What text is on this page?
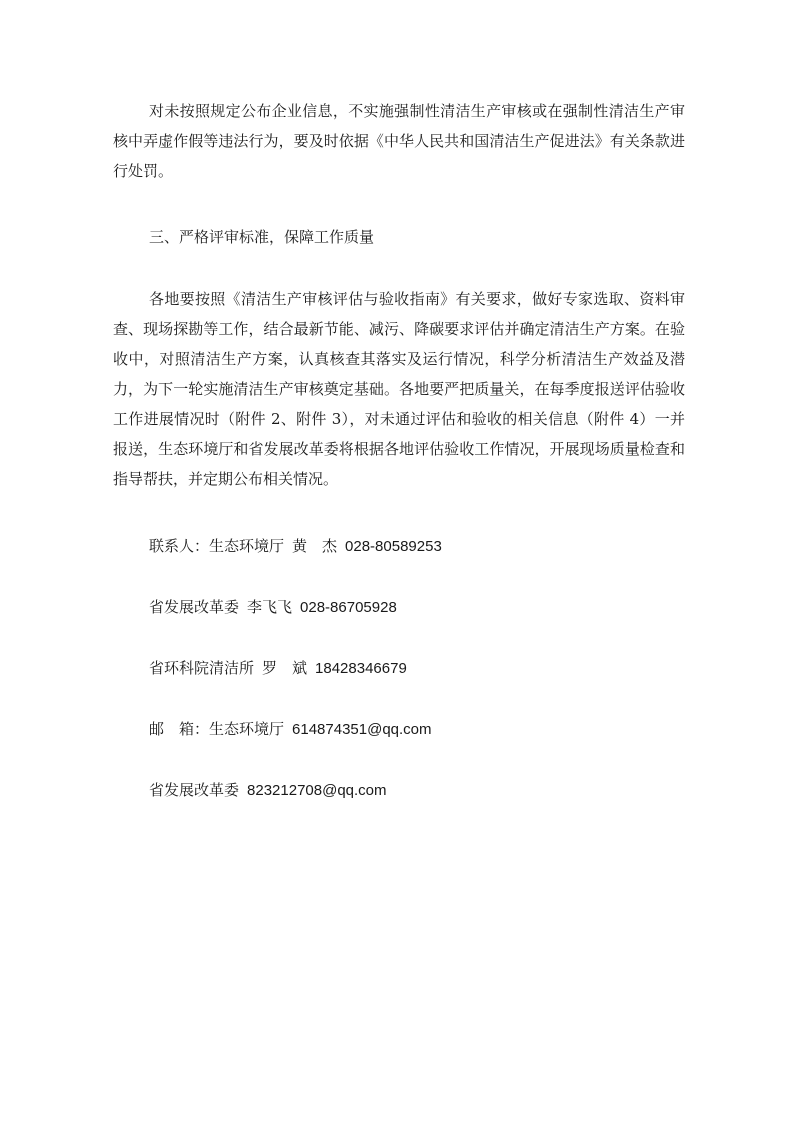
对未按照规定公布企业信息，不实施强制性清洁生产审核或在强制性清洁生产审核中弄虚作假等违法行为，要及时依据《中华人民共和国清洁生产促进法》有关条款进行处罚。

三、严格评审标准，保障工作质量

各地要按照《清洁生产审核评估与验收指南》有关要求，做好专家选取、资料审查、现场探勘等工作，结合最新节能、减污、降碳要求评估并确定清洁生产方案。在验收中，对照清洁生产方案，认真核查其落实及运行情况，科学分析清洁生产效益及潜力，为下一轮实施清洁生产审核奠定基础。各地要严把质量关，在每季度报送评估验收工作进展情况时（附件 2、附件 3），对未通过评估和验收的相关信息（附件 4）一并报送，生态环境厅和省发展改革委将根据各地评估验收工作情况，开展现场质量检查和指导帮扶，并定期公布相关情况。

联系人：生态环境厅 黄　杰 028-80589253

省发展改革委 李飞飞 028-86705928

省环科院清洁所 罗　斌 18428346679

邮　箱：生态环境厅 614874351@qq.com

省发展改革委 823212708@qq.com
